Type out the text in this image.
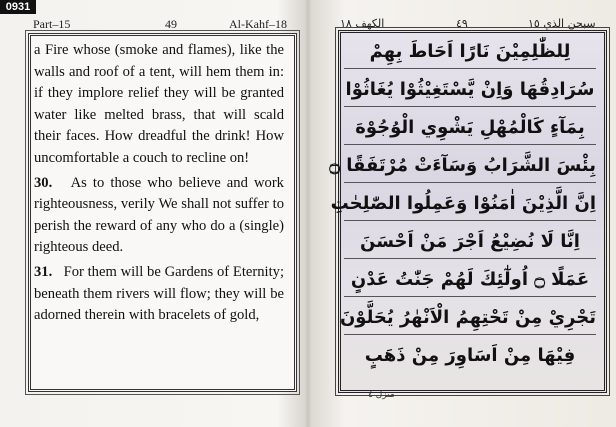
0931
Part–15	49	Al-Kahf–18	الكهف ١٨	٤٩	سبحن الذي ١٥

a Fire whose (smoke and flames), like the walls and roof of a tent, will hem them in: if they implore relief they will be granted water like melted brass, that will scald their faces. How dreadful the drink! How uncomfortable a couch to recline on!

30. As to those who believe and work righteousness, verily We shall not suffer to perish the reward of any who do a (single) righteous deed.

31. For them will be Gardens of Eternity; beneath them rivers will flow; they will be adorned therein with bracelets of gold,

لِلظّٰلِمِيْنَ نَارًا اَحَاطَ بِهِمْ
سُرَادِقُهَا وَاِنْ يَّسْتَغِيْثُوْا يُغَاثُوْا
بِمَآءٍ كَالْمُهْلِ يَشْوِي الْوُجُوْهَ
بِئْسَ الشَّرَابُ وَسَآءَتْ مُرْتَفَقًا ۝
اِنَّ الَّذِيْنَ اٰمَنُوْا وَعَمِلُوا الصّٰلِحٰتِ
اِنَّا لَا نُضِيْعُ اَجْرَ مَنْ اَحْسَنَ
عَمَلًا ۝ اُولٰٓئِكَ لَهُمْ جَنّٰتُ عَدْنٍ
تَجْرِيْ مِنْ تَحْتِهِمُ الْاَنْهٰرُ يُحَلَّوْنَ
فِيْهَا مِنْ اَسَاوِرَ مِنْ ذَهَبٍ
منزل ٤
